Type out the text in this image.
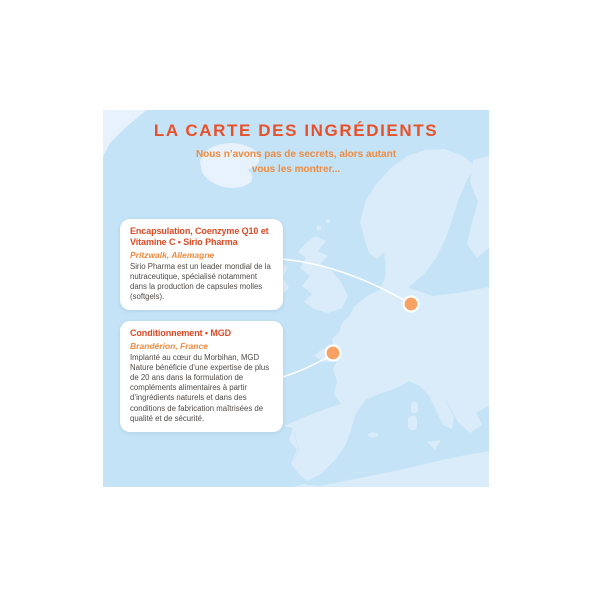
LA CARTE DES INGRÉDIENTS
Nous n’avons pas de secrets, alors autant
vous les montrer...
Encapsulation, Coenzyme Q10 et Vitamine C • Sirio Pharma
Pritzwalk, Allemagne
Sirio Pharma est un leader mondial de la nutraceutique, spécialisé notamment dans la production de capsules molles (softgels).
Conditionnement • MGD
Brandérion, France
Implanté au cœur du Morbihan, MGD Nature bénéficie d’une expertise de plus de 20 ans dans la formulation de compléments alimentaires à partir d’ingrédients naturels et dans des conditions de fabrication maîtrisées de qualité et de sécurité.
